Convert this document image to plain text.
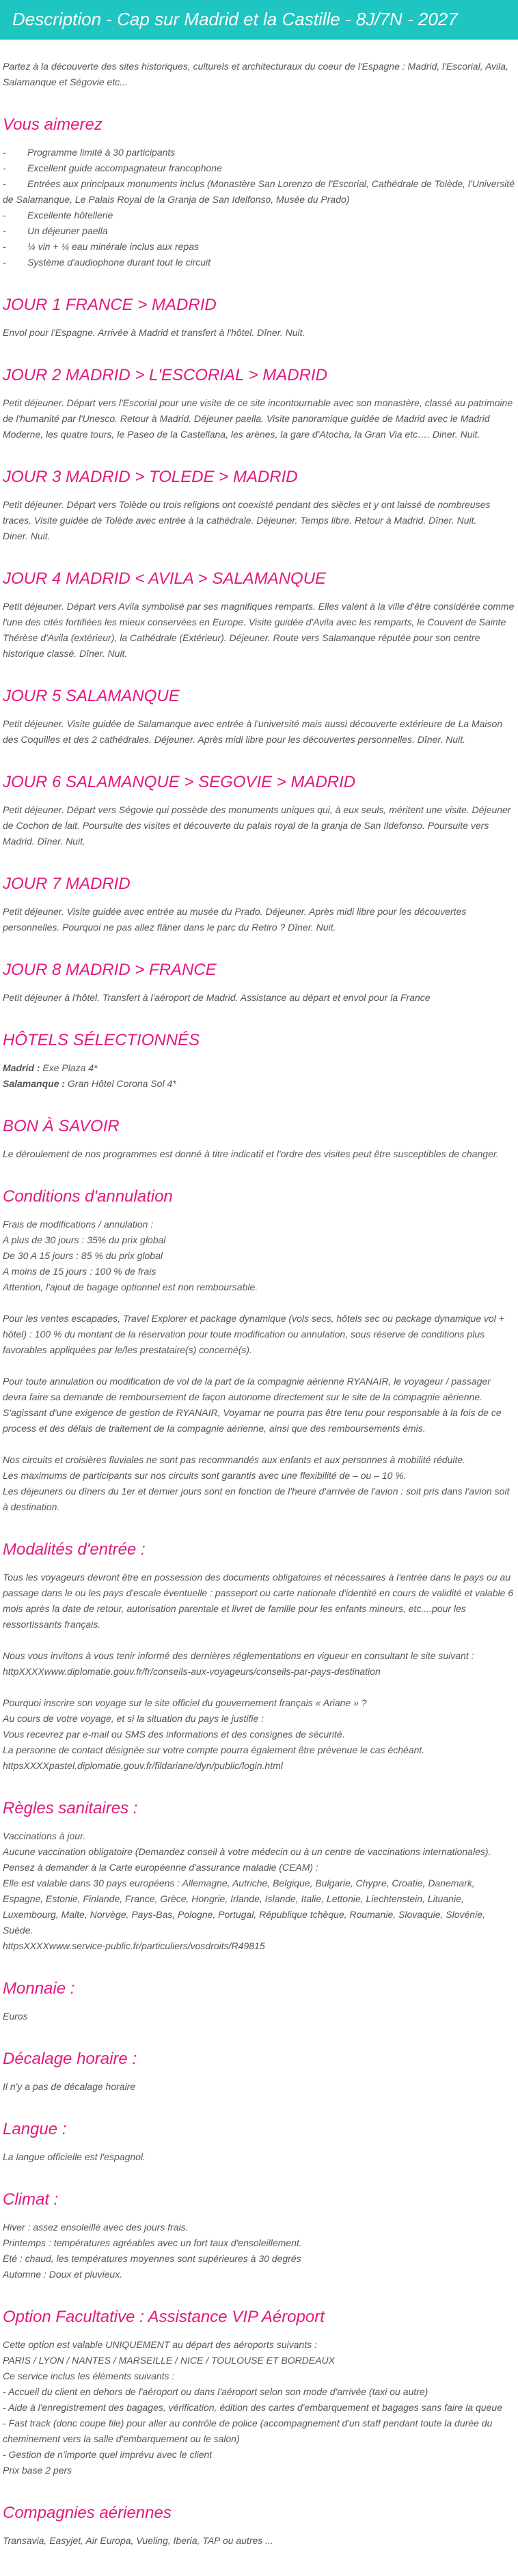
Description - Cap sur Madrid et la Castille - 8J/7N - 2027

Partez à la découverte des sites historiques, culturels et architecturaux du coeur de l'Espagne : Madrid, l'Escorial, Avila, Salamanque et Ségovie etc...

Vous aimerez
- Programme limité à 30 participants
- Excellent guide accompagnateur francophone
- Entrées aux principaux monuments inclus (Monastère San Lorenzo de l'Escorial, Cathédrale de Tolède, l'Université de Salamanque, Le Palais Royal de la Granja de San Idelfonso, Musée du Prado)
- Excellente hôtellerie
- Un déjeuner paella
- ¼ vin + ¼ eau minérale inclus aux repas
- Système d'audiophone durant tout le circuit
JOUR 1 FRANCE > MADRID

Envol pour l'Espagne. Arrivée à Madrid et transfert à l'hôtel. Dîner. Nuit.

JOUR 2 MADRID > L'ESCORIAL > MADRID

Petit déjeuner. Départ vers l'Escorial pour une visite de ce site incontournable avec son monastère, classé au patrimoine de l'humanité par l'Unesco. Retour à Madrid. Déjeuner paella. Visite panoramique guidée de Madrid avec le Madrid Moderne, les quatre tours, le Paseo de la Castellana, les arènes, la gare d'Atocha, la Gran Via etc…. Diner. Nuit.

JOUR 3 MADRID > TOLEDE > MADRID

Petit déjeuner. Départ vers Tolède ou trois religions ont coexisté pendant des siècles et y ont laissé de nombreuses traces. Visite guidée de Tolède avec entrée à la cathédrale. Déjeuner. Temps libre. Retour à Madrid. Dîner. Nuit.

Diner. Nuit.

JOUR 4 MADRID < AVILA > SALAMANQUE

Petit déjeuner. Départ vers Avila symbolisé par ses magnifiques remparts. Elles valent à la ville d'être considérée comme l'une des cités fortifiées les mieux conservées en Europe. Visite guidée d'Avila avec les remparts, le Couvent de Sainte Thérèse d'Avila (extérieur), la Cathédrale (Extérieur). Déjeuner. Route vers Salamanque réputée pour son centre historique classé. Dîner. Nuit.

JOUR 5 SALAMANQUE

Petit déjeuner. Visite guidée de Salamanque avec entrée à l'université mais aussi découverte extérieure de La Maison des Coquilles et des 2 cathédrales. Déjeuner. Après midi libre pour les découvertes personnelles. Dîner. Nuit.

JOUR 6 SALAMANQUE > SEGOVIE > MADRID

Petit déjeuner. Départ vers Ségovie qui possède des monuments uniques qui, à eux seuls, méritent une visite. Déjeuner de Cochon de lait. Poursuite des visites et découverte du palais royal de la granja de San Ildefonso. Poursuite vers Madrid. Dîner. Nuit.

JOUR 7 MADRID

Petit déjeuner. Visite guidée avec entrée au musée du Prado. Déjeuner. Après midi libre pour les découvertes personnelles. Pourquoi ne pas allez flâner dans le parc du Retiro ? Dîner. Nuit.

JOUR 8 MADRID > FRANCE

Petit déjeuner à l'hôtel. Transfert à l'aéroport de Madrid. Assistance au départ et envol pour la France

HÔTELS SÉLECTIONNÉS
Madrid : Exe Plaza 4*
Salamanque : Gran Hôtel Corona Sol 4*
BON À SAVOIR

Le déroulement de nos programmes est donné à titre indicatif et l'ordre des visites peut être susceptibles de changer.

Conditions d'annulation
Frais de modifications / annulation :
A plus de 30 jours : 35% du prix global
De 30 A 15 jours : 85 % du prix global
A moins de 15 jours : 100 % de frais
Attention, l'ajout de bagage optionnel est non remboursable.

Pour les ventes escapades, Travel Explorer et package dynamique (vols secs, hôtels sec ou package dynamique vol + hôtel) : 100 % du montant de la réservation pour toute modification ou annulation, sous réserve de conditions plus favorables appliquées par le/les prestataire(s) concerné(s).

Pour toute annulation ou modification de vol de la part de la compagnie aérienne RYANAIR, le voyageur / passager devra faire sa demande de remboursement de façon autonome directement sur le site de la compagnie aérienne. S'agissant d'une exigence de gestion de RYANAIR, Voyamar ne pourra pas être tenu pour responsable à la fois de ce process et des délais de traitement de la compagnie aérienne, ainsi que des remboursements émis.

Nos circuits et croisières fluviales ne sont pas recommandés aux enfants et aux personnes à mobilité réduite.

Les maximums de participants sur nos circuits sont garantis avec une flexibilité de – ou – 10 %.

Les déjeuners ou dîners du 1er et dernier jours sont en fonction de l'heure d'arrivée de l'avion : soit pris dans l'avion soit à destination.

Modalités d'entrée :

Tous les voyageurs devront être en possession des documents obligatoires et nécessaires à l'entrée dans le pays ou au passage dans le ou les pays d'escale éventuelle : passeport ou carte nationale d'identité en cours de validité et valable 6 mois après la date de retour, autorisation parentale et livret de famille pour les enfants mineurs, etc....pour les ressortissants français.

Nous vous invitons à vous tenir informé des dernières réglementations en vigueur en consultant le site suivant : httpXXXXwww.diplomatie.gouv.fr/fr/conseils-aux-voyageurs/conseils-par-pays-destination

Pourquoi inscrire son voyage sur le site officiel du gouvernement français « Ariane » ?
Au cours de votre voyage, et si la situation du pays le justifie :
Vous recevrez par e-mail ou SMS des informations et des consignes de sécurité.
La personne de contact désignée sur votre compte pourra également être prévenue le cas échéant.
httpsXXXXpastel.diplomatie.gouv.fr/fildariane/dyn/public/login.html
Règles sanitaires :
Vaccinations à jour.
Aucune vaccination obligatoire (Demandez conseil à votre médecin ou à un centre de vaccinations internationales).
Pensez à demander à la Carte européenne d'assurance maladie (CEAM) :
Elle est valable dans 30 pays européens : Allemagne, Autriche, Belgique, Bulgarie, Chypre, Croatie, Danemark, Espagne, Estonie, Finlande, France, Grèce, Hongrie, Irlande, Islande, Italie, Lettonie, Liechtenstein, Lituanie, Luxembourg, Malte, Norvège, Pays-Bas, Pologne, Portugal, République tchèque, Roumanie, Slovaquie, Slovénie, Suède.
httpsXXXXwww.service-public.fr/particuliers/vosdroits/R49815
Monnaie :

Euros

Décalage horaire :

Il n'y a pas de décalage horaire

Langue :

La langue officielle est l'espagnol.

Climat :
Hiver : assez ensoleillé avec des jours frais.
Printemps : températures agréables avec un fort taux d'ensoleillement.
Été : chaud, les températures moyennes sont supérieures à 30 degrés
Automne : Doux et pluvieux.
Option Facultative : Assistance VIP Aéroport
Cette option est valable UNIQUEMENT au départ des aéroports suivants :
PARIS / LYON / NANTES / MARSEILLE / NICE / TOULOUSE ET BORDEAUX
Ce service inclus les éléments suivants :
- Accueil du client en dehors de l'aéroport ou dans l'aéroport selon son mode d'arrivée (taxi ou autre)
- Aide à l'enregistrement des bagages, vérification, édition des cartes d'embarquement et bagages sans faire la queue
- Fast track (donc coupe file) pour aller au contrôle de police (accompagnement d'un staff pendant toute la durée du cheminement vers la salle d'embarquement ou le salon)
- Gestion de n'importe quel imprévu avec le client
Prix base 2 pers
Compagnies aériennes

Transavia, Easyjet, Air Europa, Vueling, Iberia, TAP ou autres ...
